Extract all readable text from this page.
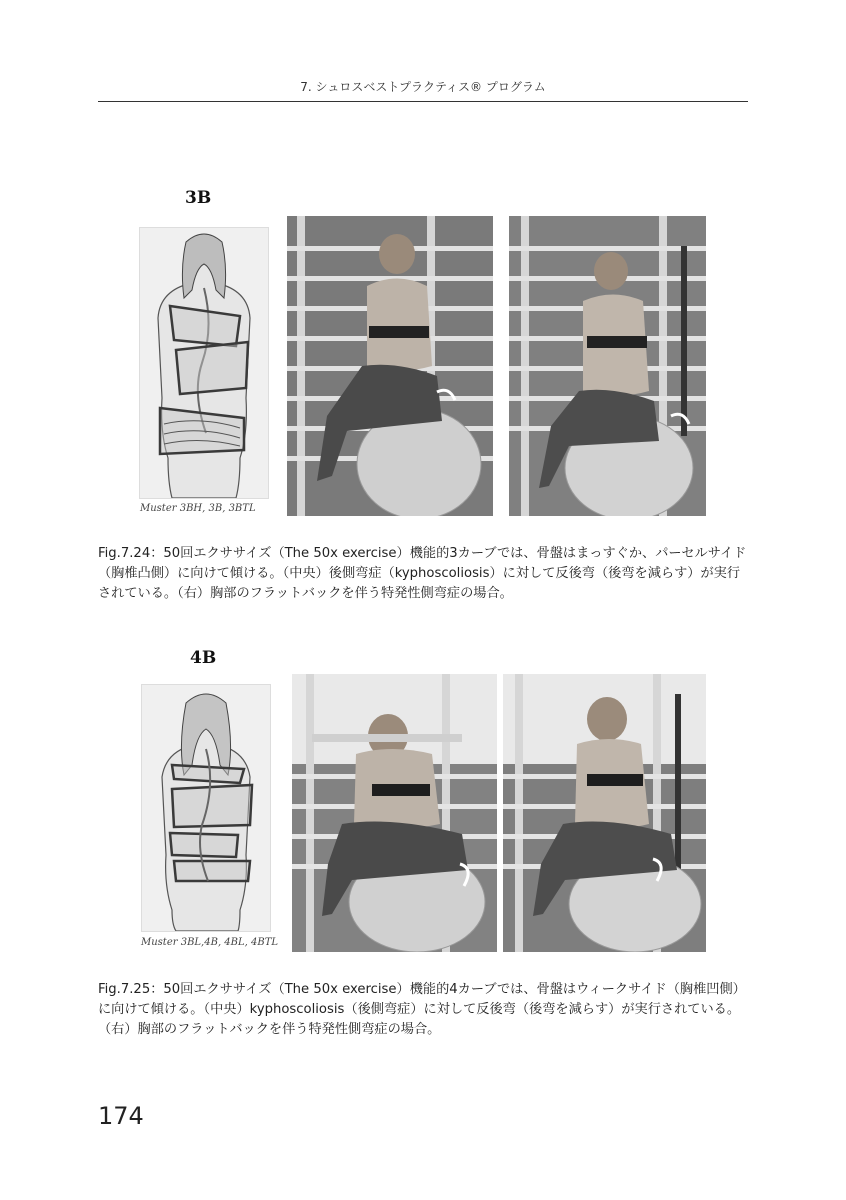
7. シュロスベストプラクティス® プログラム
3B
Muster 3BH, 3B, 3BTL
Fig.7.24：50回エクササイズ（The 50x exercise）機能的3カーブでは、骨盤はまっすぐか、パーセルサイド（胸椎凸側）に向けて傾ける。（中央）後側弯症（kyphoscoliosis）に対して反後弯（後弯を減らす）が実行されている。（右）胸部のフラットバックを伴う特発性側弯症の場合。
4B
Muster 3BL,4B, 4BL, 4BTL
Fig.7.25：50回エクササイズ（The 50x exercise）機能的4カーブでは、骨盤はウィークサイド（胸椎凹側）に向けて傾ける。（中央）kyphoscoliosis（後側弯症）に対して反後弯（後弯を減らす）が実行されている。（右）胸部のフラットバックを伴う特発性側弯症の場合。
174
